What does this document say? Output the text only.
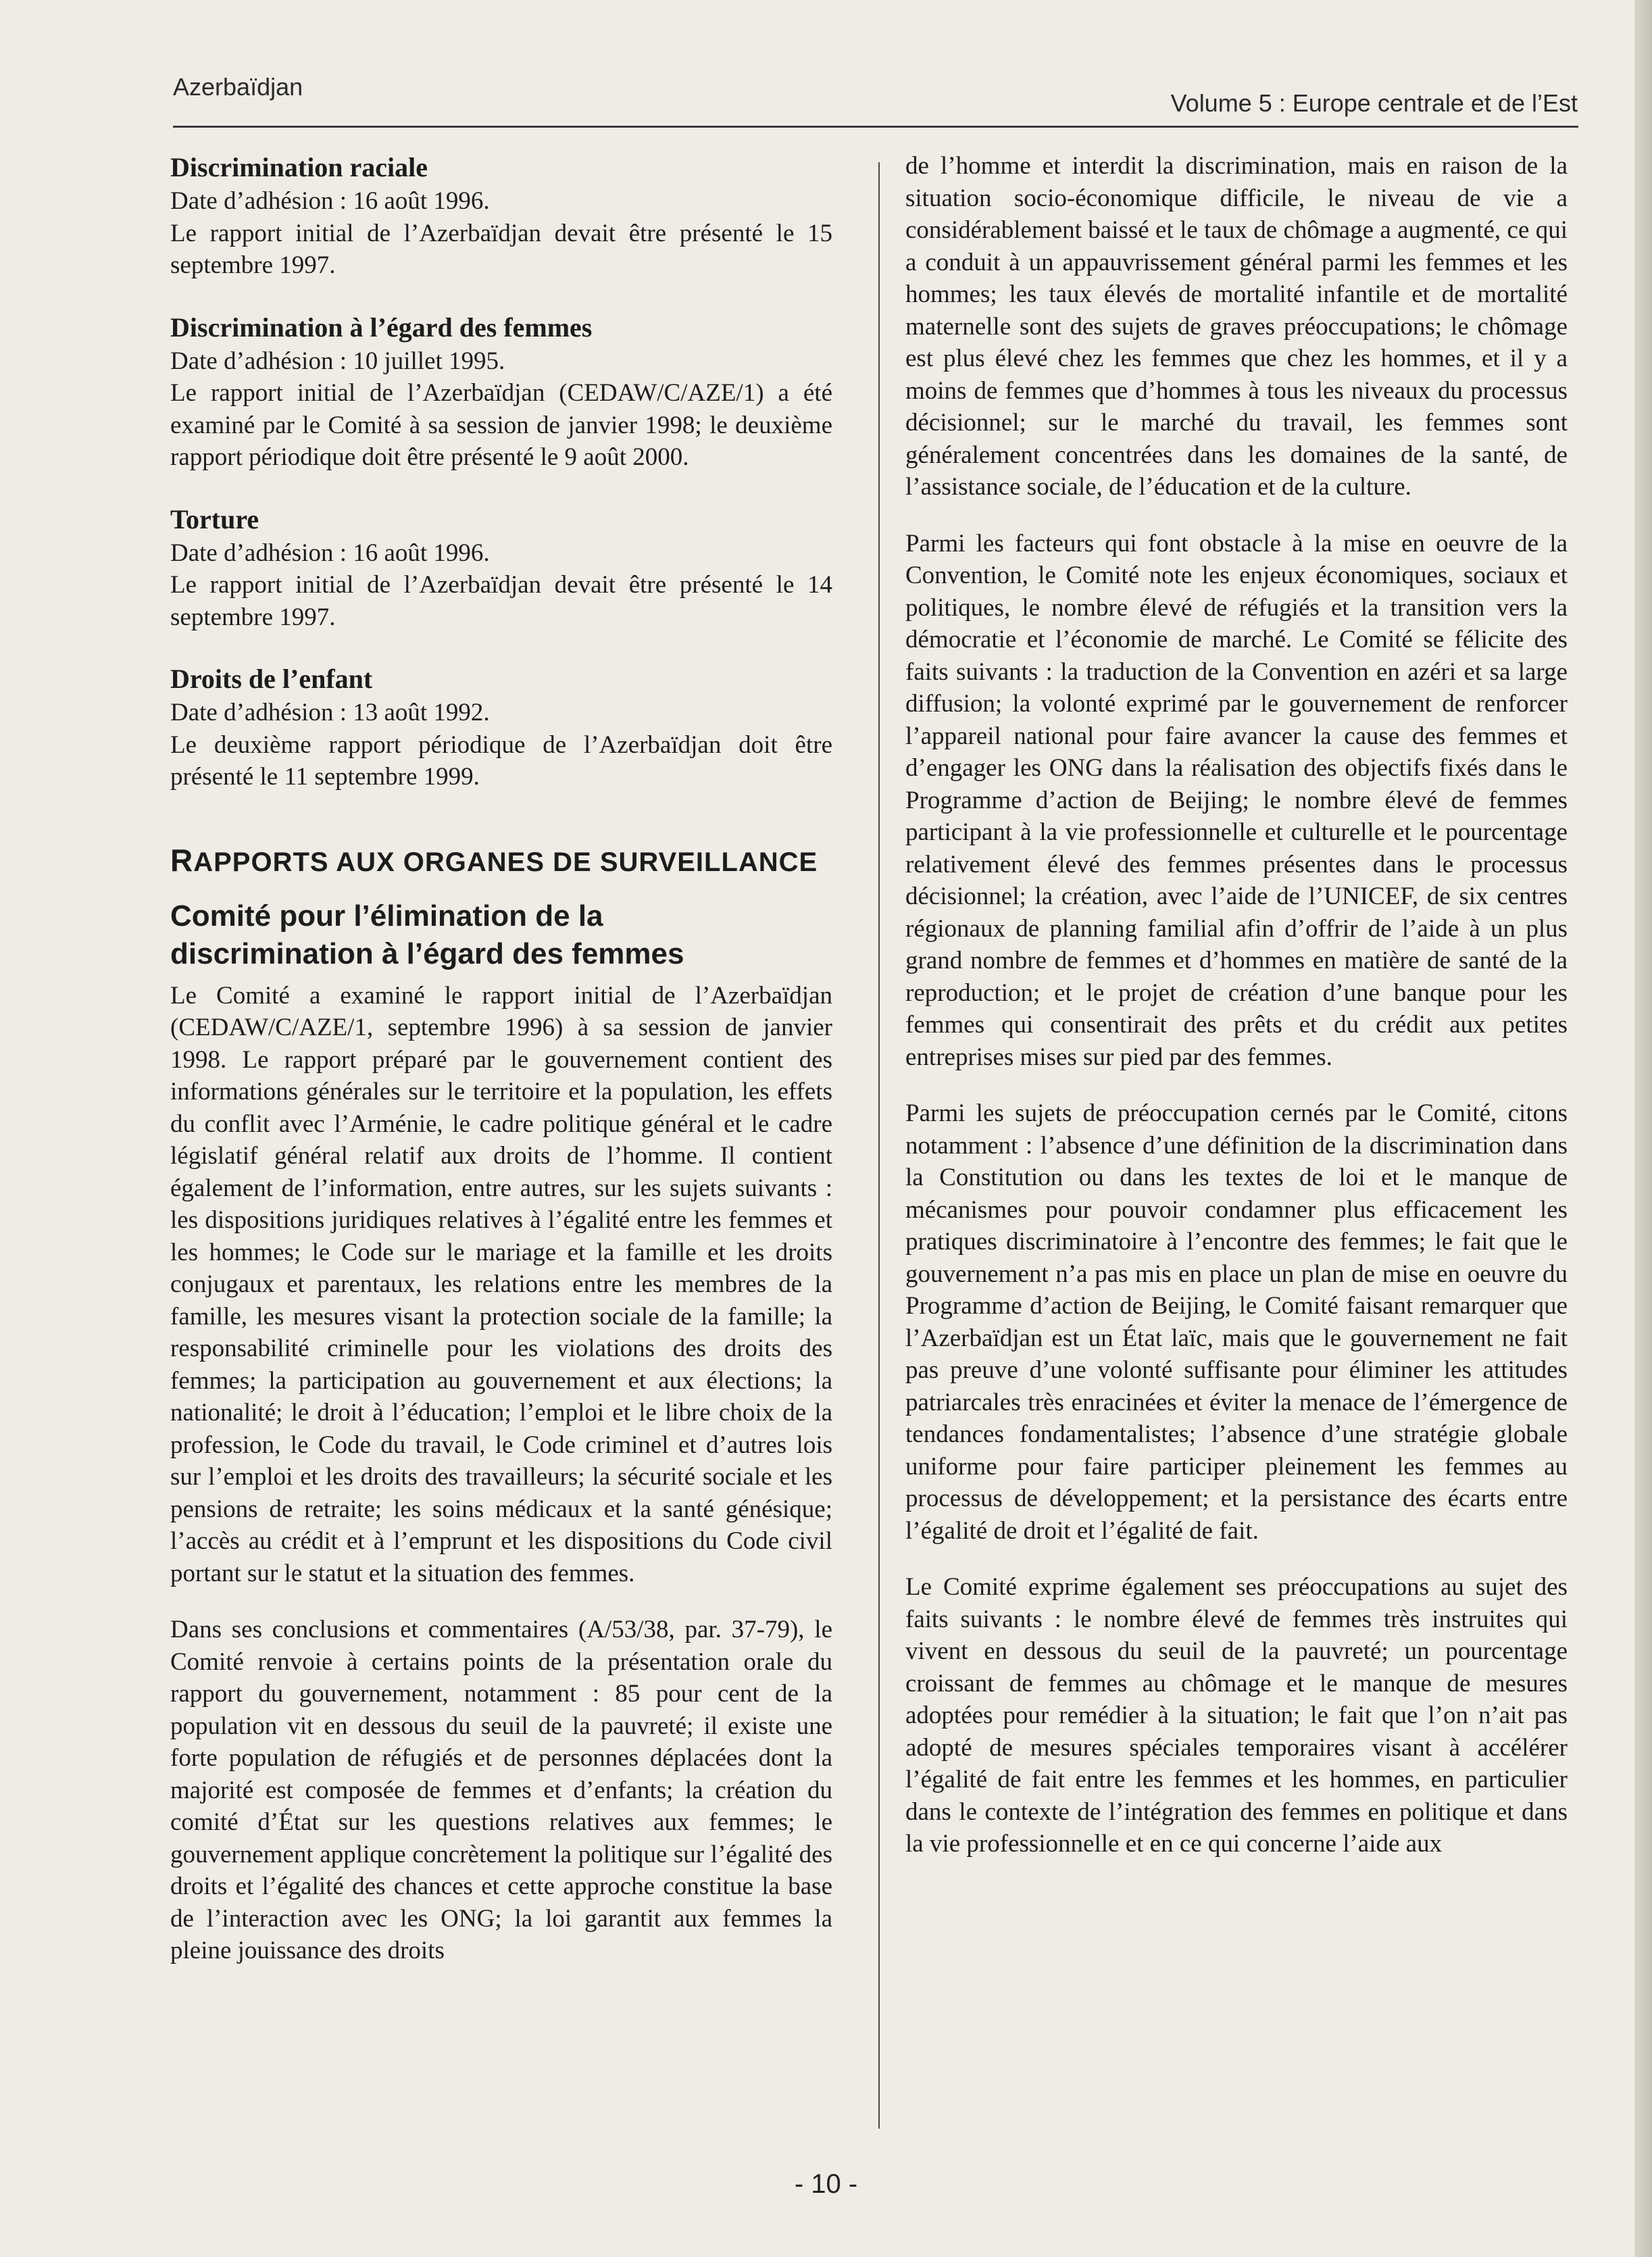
Azerbaïdjan
Volume 5 : Europe centrale et de l’Est
Discrimination raciale

Date d’adhésion : 16 août 1996.

Le rapport initial de l’Azerbaïdjan devait être présenté le 15 septembre 1997.

Discrimination à l’égard des femmes

Date d’adhésion : 10 juillet 1995.

Le rapport initial de l’Azerbaïdjan (CEDAW/C/AZE/1) a été examiné par le Comité à sa session de janvier 1998; le deuxième rapport périodique doit être présenté le 9 août 2000.

Torture

Date d’adhésion : 16 août 1996.

Le rapport initial de l’Azerbaïdjan devait être présenté le 14 septembre 1997.

Droits de l’enfant

Date d’adhésion : 13 août 1992.

Le deuxième rapport périodique de l’Azerbaïdjan doit être présenté le 11 septembre 1999.

RAPPORTS AUX ORGANES DE SURVEILLANCE
Comité pour l’élimination de la
discrimination à l’égard des femmes

Le Comité a examiné le rapport initial de l’Azerbaïdjan (CEDAW/C/AZE/1, septembre 1996) à sa session de janvier 1998. Le rapport préparé par le gouvernement contient des informations générales sur le territoire et la population, les effets du conflit avec l’Arménie, le cadre politique général et le cadre législatif général relatif aux droits de l’homme. Il contient également de l’information, entre autres, sur les sujets suivants : les dispositions juridiques relatives à l’égalité entre les femmes et les hommes; le Code sur le mariage et la famille et les droits conjugaux et parentaux, les relations entre les membres de la famille, les mesures visant la protection sociale de la famille; la responsabilité criminelle pour les violations des droits des femmes; la participation au gouvernement et aux élections; la nationalité; le droit à l’éducation; l’emploi et le libre choix de la profession, le Code du travail, le Code criminel et d’autres lois sur l’emploi et les droits des travailleurs; la sécurité sociale et les pensions de retraite; les soins médicaux et la santé génésique; l’accès au crédit et à l’emprunt et les dispositions du Code civil portant sur le statut et la situation des femmes.

Dans ses conclusions et commentaires (A/53/38, par. 37-79), le Comité renvoie à certains points de la présentation orale du rapport du gouvernement, notamment : 85 pour cent de la population vit en dessous du seuil de la pauvreté; il existe une forte population de réfugiés et de personnes déplacées dont la majorité est composée de femmes et d’enfants; la création du comité d’État sur les questions relatives aux femmes; le gouvernement applique concrètement la politique sur l’égalité des droits et l’égalité des chances et cette approche constitue la base de l’interaction avec les ONG; la loi garantit aux femmes la pleine jouissance des droits

de l’homme et interdit la discrimination, mais en raison de la situation socio-économique difficile, le niveau de vie a considérablement baissé et le taux de chômage a augmenté, ce qui a conduit à un appauvrissement général parmi les femmes et les hommes; les taux élevés de mortalité infantile et de mortalité maternelle sont des sujets de graves préoccupations; le chômage est plus élevé chez les femmes que chez les hommes, et il y a moins de femmes que d’hommes à tous les niveaux du processus décisionnel; sur le marché du travail, les femmes sont généralement concentrées dans les domaines de la santé, de l’assistance sociale, de l’éducation et de la culture.

Parmi les facteurs qui font obstacle à la mise en oeuvre de la Convention, le Comité note les enjeux économiques, sociaux et politiques, le nombre élevé de réfugiés et la transition vers la démocratie et l’économie de marché. Le Comité se félicite des faits suivants : la traduction de la Convention en azéri et sa large diffusion; la volonté exprimé par le gouvernement de renforcer l’appareil national pour faire avancer la cause des femmes et d’engager les ONG dans la réalisation des objectifs fixés dans le Programme d’action de Beijing; le nombre élevé de femmes participant à la vie professionnelle et culturelle et le pourcentage relativement élevé des femmes présentes dans le processus décisionnel; la création, avec l’aide de l’UNICEF, de six centres régionaux de planning familial afin d’offrir de l’aide à un plus grand nombre de femmes et d’hommes en matière de santé de la reproduction; et le projet de création d’une banque pour les femmes qui consentirait des prêts et du crédit aux petites entreprises mises sur pied par des femmes.

Parmi les sujets de préoccupation cernés par le Comité, citons notamment : l’absence d’une définition de la discrimination dans la Constitution ou dans les textes de loi et le manque de mécanismes pour pouvoir condamner plus efficacement les pratiques discriminatoire à l’encontre des femmes; le fait que le gouvernement n’a pas mis en place un plan de mise en oeuvre du Programme d’action de Beijing, le Comité faisant remarquer que l’Azerbaïdjan est un État laïc, mais que le gouvernement ne fait pas preuve d’une volonté suffisante pour éliminer les attitudes patriarcales très enracinées et éviter la menace de l’émergence de tendances fondamentalistes; l’absence d’une stratégie globale uniforme pour faire participer pleinement les femmes au processus de développement; et la persistance des écarts entre l’égalité de droit et l’égalité de fait.

Le Comité exprime également ses préoccupations au sujet des faits suivants : le nombre élevé de femmes très instruites qui vivent en dessous du seuil de la pauvreté; un pourcentage croissant de femmes au chômage et le manque de mesures adoptées pour remédier à la situation; le fait que l’on n’ait pas adopté de mesures spéciales temporaires visant à accélérer l’égalité de fait entre les femmes et les hommes, en particulier dans le contexte de l’intégration des femmes en politique et dans la vie professionnelle et en ce qui concerne l’aide aux

- 10 -
